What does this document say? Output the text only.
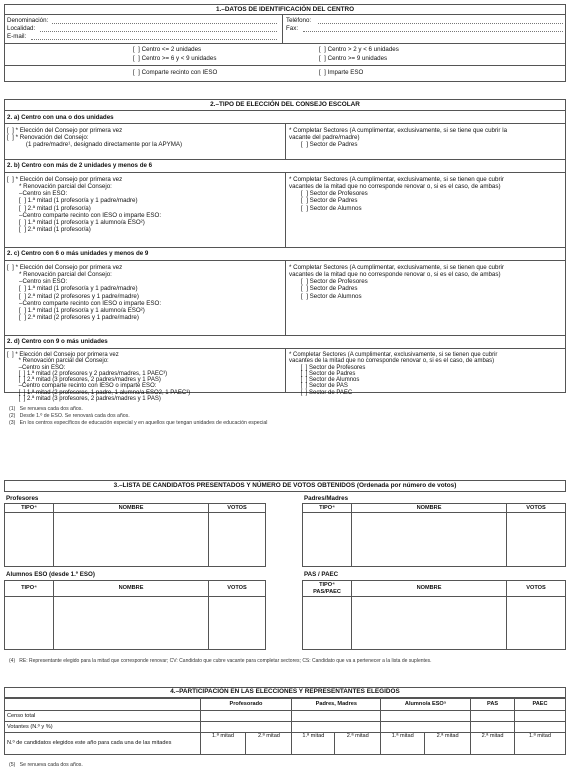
1.–DATOS DE IDENTIFICACIÓN DEL CENTRO
Denominación:
Localidad:
E-mail:
Teléfono:
Fax:
[  ] Centro <= 2 unidades
[  ] Centro >= 6 y < 9 unidades
[  ] Centro > 2 y < 6 unidades
[  ] Centro >= 9 unidades
[  ] Comparte recinto con IESO	[  ] Imparte ESO
2.–TIPO DE ELECCIÓN DEL CONSEJO ESCOLAR
2. a) Centro con una o dos unidades
[  ] * Elección del Consejo por primera vez
[  ] * Renovación del Consejo:
(1 padre/madre¹, designado directamente por la APYMA)
* Completar Sectores (A cumplimentar, exclusivamente, si se tiene que cubrir la
vacante del padre/madre)
[  ] Sector de Padres
2. b) Centro con más de 2 unidades y menos de 6
[  ] * Elección del Consejo por primera vez
* Renovación parcial del Consejo:
–Centro sin ESO:
[  ] 1.ª mitad (1 profesor/a y 1 padre/madre)
[  ] 2.ª mitad (1 profesor/a)
–Centro comparte recinto con IESO o imparte ESO:
[  ] 1.ª mitad (1 profesor/a y 1 alumno/a ESO²)
[  ] 2.ª mitad (1 profesor/a)
* Completar Sectores (A cumplimentar, exclusivamente, si se tienen que cubrir
vacantes de la mitad que no corresponde renovar o, si es el caso, de ambas)
[  ] Sector de Profesores
[  ] Sector de Padres
[  ] Sector de Alumnos
2. c) Centro con 6 o más unidades y menos de 9
[  ] * Elección del Consejo por primera vez
* Renovación parcial del Consejo:
–Centro sin ESO:
[  ] 1.ª mitad (1 profesor/a y 1 padre/madre)
[  ] 2.ª mitad (2 profesores y 1 padre/madre)
–Centro comparte recinto con IESO o imparte ESO:
[  ] 1.ª mitad (1 profesor/a y 1 alumno/a ESO²)
[  ] 2.ª mitad (2 profesores y 1 padre/madre)
* Completar Sectores (A cumplimentar, exclusivamente, si se tienen que cubrir
vacantes de la mitad que no corresponde renovar o, si es el caso, de ambas)
[  ] Sector de Profesores
[  ] Sector de Padres
[  ] Sector de Alumnos
2. d) Centro con 9 o más unidades
[  ] * Elección del Consejo por primera vez
* Renovación parcial del Consejo:
–Centro sin ESO:
[  ] 1.ª mitad (2 profesores y 2 padres/madres, 1 PAEC³)
[  ] 2.ª mitad (3 profesores, 2 padres/madres y 1 PAS)
–Centro comparte recinto con IESO o imparte ESO:
[  ] 1.ª mitad (2 profesores, 1 padre, 1 alumno/a ESO2, 1 PAEC³)
[  ] 2.ª mitad (3 profesores, 2 padres/madres y 1 PAS)
* Completar Sectores (A cumplimentar, exclusivamente, si se tienen que cubrir
vacantes de la mitad que no corresponde renovar o, si es el caso, de ambas)
[  ] Sector de Profesores
[  ] Sector de Padres
[  ] Sector de Alumnos
[  ] Sector de PAS
[  ] Sector de PAEC
(1)   Se renueva cada dos años.
(2)   Desde 1.º de ESO. Se renovará cada dos años.
(3)   En los centros específicos de educación especial y en aquellos que tengan unidades de educación especial
3.–LISTA DE CANDIDATOS PRESENTADOS Y NÚMERO DE VOTOS OBTENIDOS (Ordenada por número de votos)
Profesores
TIPO⁴	NOMBRE	VOTOS

Padres/Madres
TIPO⁴	NOMBRE	VOTOS

Alumnos ESO (desde 1.º ESO)
TIPO⁴	NOMBRE	VOTOS

PAS / PAEC
TIPO⁴ PAS/PAEC	NOMBRE	VOTOS

(4)   RE: Representante elegido para la mitad que corresponde renovar; CV: Candidato que cubre vacante para completar sectores; CS: Candidato que va a pertenecer a la lista de suplentes.
4.–PARTICIPACIÓN EN LAS ELECCIONES Y REPRESENTANTES ELEGIDOS
	Profesorado		Padres, Madres		Alumno/a ESO⁵		PAS	PAEC
Censo total								
Votantes (N.º y %)								
N.º de candidatos elegidos este año para cada una de las mitades	1.ª mitad	2.ª mitad	1.ª mitad	2.ª mitad	1.ª mitad	2.ª mitad	2.ª mitad	1.ª mitad
(5)   Se renueva cada dos años.
